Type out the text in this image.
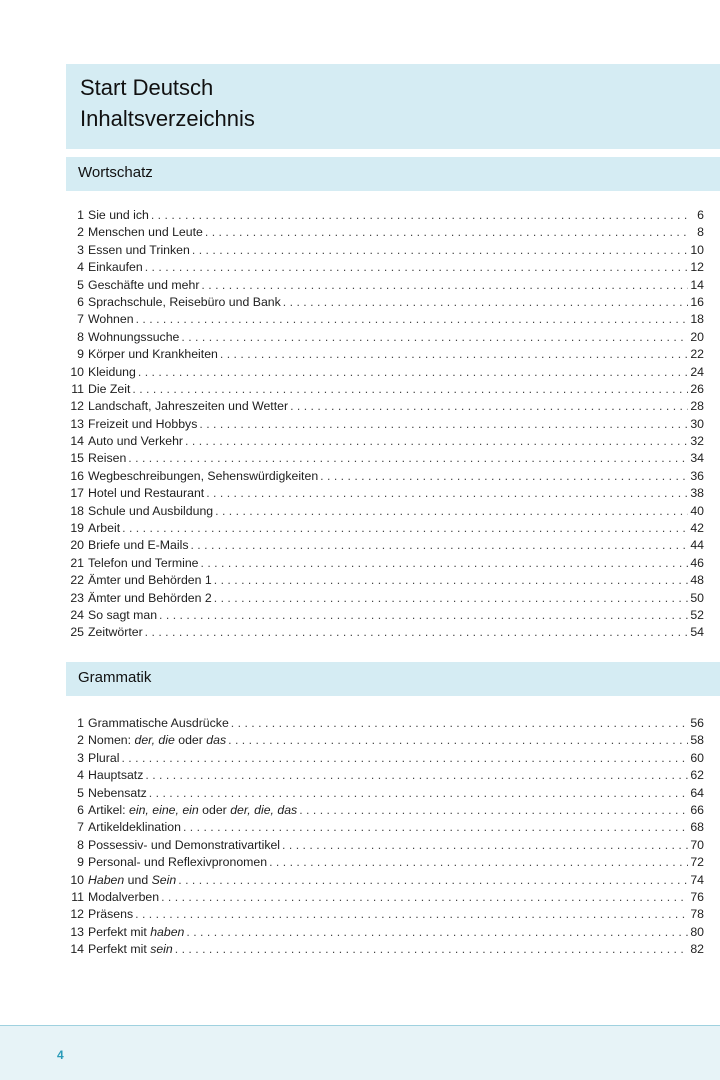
Start Deutsch
Inhaltsverzeichnis
Wortschatz
1 Sie und ich . . .	6
2 Menschen und Leute . . .	8
3 Essen und Trinken . . .	10
4 Einkaufen . . .	12
5 Geschäfte und mehr . . .	14
6 Sprachschule, Reisebüro und Bank . . .	16
7 Wohnen . . .	18
8 Wohnungssuche . . .	20
9 Körper und Krankheiten . . .	22
10 Kleidung . . .	24
11 Die Zeit . . .	26
12 Landschaft, Jahreszeiten und Wetter . . .	28
13 Freizeit und Hobbys . . .	30
14 Auto und Verkehr . . .	32
15 Reisen . . .	34
16 Wegbeschreibungen, Sehenswürdigkeiten . . .	36
17 Hotel und Restaurant . . .	38
18 Schule und Ausbildung . . .	40
19 Arbeit . . .	42
20 Briefe und E-Mails . . .	44
21 Telefon und Termine . . .	46
22 Ämter und Behörden 1 . . .	48
23 Ämter und Behörden 2 . . .	50
24 So sagt man . . .	52
25 Zeitwörter . . .	54
Grammatik
1 Grammatische Ausdrücke . . .	56
2 Nomen: der, die oder das . . .	58
3 Plural . . .	60
4 Hauptsatz . . .	62
5 Nebensatz . . .	64
6 Artikel: ein, eine, ein oder der, die, das . . .	66
7 Artikeldeklination . . .	68
8 Possessiv- und Demonstrativartikel . . .	70
9 Personal- und Reflexivpronomen . . .	72
10 Haben und Sein . . .	74
11 Modalverben . . .	76
12 Präsens . . .	78
13 Perfekt mit haben . . .	80
14 Perfekt mit sein . . .	82
4
